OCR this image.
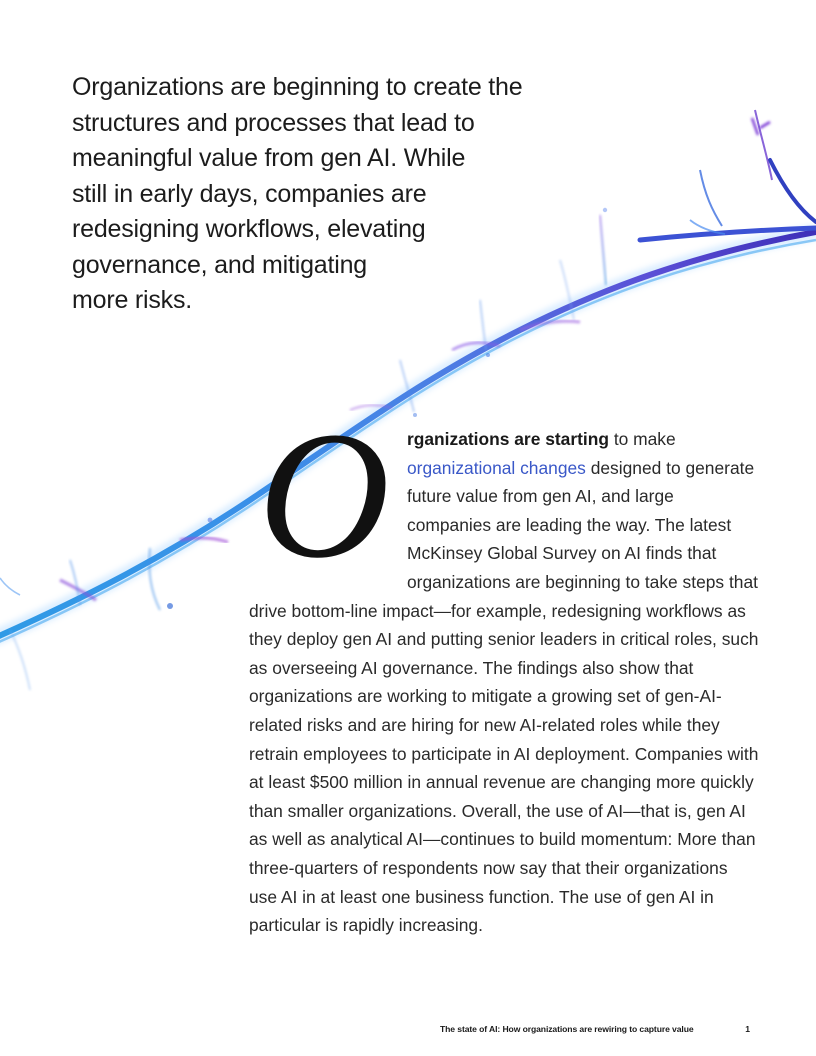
Organizations are beginning to create the
structures and processes that lead to
meaningful value from gen AI. While
still in early days, companies are
redesigning workflows, elevating
governance, and mitigating
more risks.
O rganizations are starting to make organizational changes designed to generate future value from gen AI, and large companies are leading the way. The latest McKinsey Global Survey on AI finds that organizations are beginning to take steps that drive bottom-line impact—for example, redesigning workflows as they deploy gen AI and putting senior leaders in critical roles, such as overseeing AI governance. The findings also show that organizations are working to mitigate a growing set of gen-AI-related risks and are hiring for new AI-related roles while they retrain employees to participate in AI deployment. Companies with at least $500 million in annual revenue are changing more quickly than smaller organizations. Overall, the use of AI—that is, gen AI as well as analytical AI—continues to build momentum: More than three-quarters of respondents now say that their organizations use AI in at least one business function. The use of gen AI in particular is rapidly increasing.
The state of AI: How organizations are rewiring to capture value	1
